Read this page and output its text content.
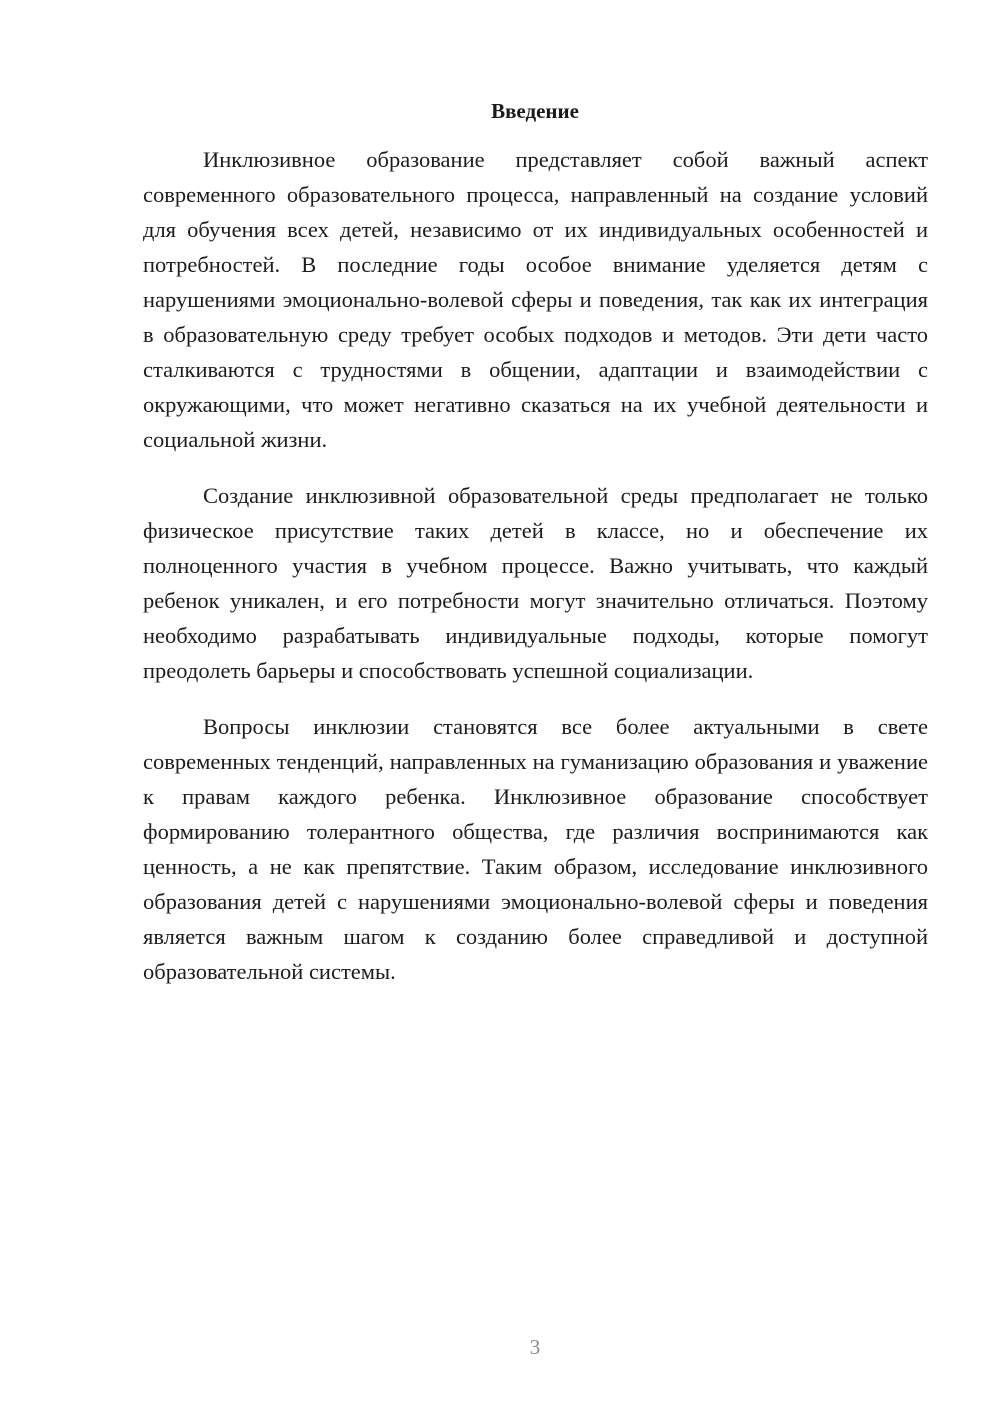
Введение

Инклюзивное образование представляет собой важный аспект современного образовательного процесса, направленный на создание условий для обучения всех детей, независимо от их индивидуальных особенностей и потребностей. В последние годы особое внимание уделяется детям с нарушениями эмоционально-волевой сферы и поведения, так как их интеграция в образовательную среду требует особых подходов и методов. Эти дети часто сталкиваются с трудностями в общении, адаптации и взаимодействии с окружающими, что может негативно сказаться на их учебной деятельности и социальной жизни.

Создание инклюзивной образовательной среды предполагает не только физическое присутствие таких детей в классе, но и обеспечение их полноценного участия в учебном процессе. Важно учитывать, что каждый ребенок уникален, и его потребности могут значительно отличаться. Поэтому необходимо разрабатывать индивидуальные подходы, которые помогут преодолеть барьеры и способствовать успешной социализации.

Вопросы инклюзии становятся все более актуальными в свете современных тенденций, направленных на гуманизацию образования и уважение к правам каждого ребенка. Инклюзивное образование способствует формированию толерантного общества, где различия воспринимаются как ценность, а не как препятствие. Таким образом, исследование инклюзивного образования детей с нарушениями эмоционально-волевой сферы и поведения является важным шагом к созданию более справедливой и доступной образовательной системы.

3
